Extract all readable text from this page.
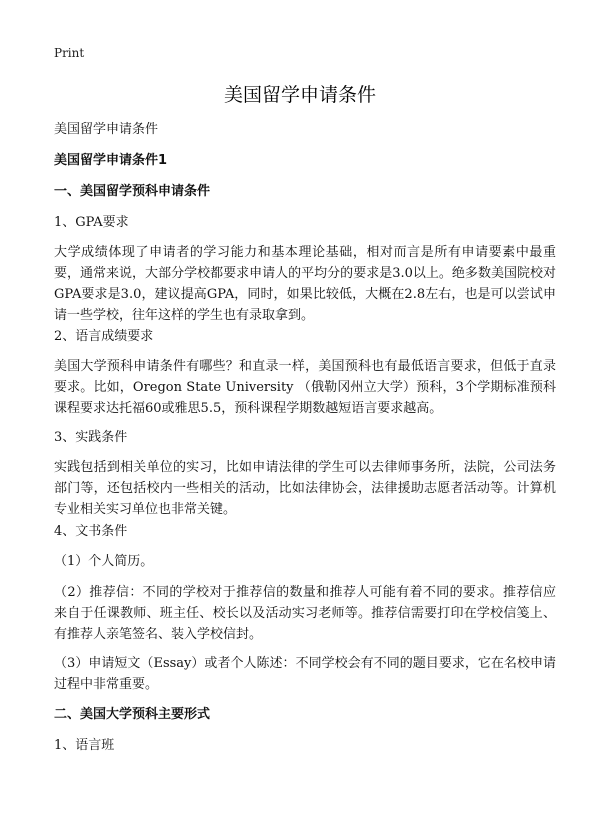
Print
美国留学申请条件
美国留学申请条件
美国留学申请条件1
一、美国留学预科申请条件
1、GPA要求
大学成绩体现了申请者的学习能力和基本理论基础，相对而言是所有申请要素中最重要，通常来说，大部分学校都要求申请人的平均分的要求是3.0以上。绝多数美国院校对GPA要求是3.0，建议提高GPA，同时，如果比较低，大概在2.8左右，也是可以尝试申请一些学校，往年这样的学生也有录取拿到。
2、语言成绩要求
美国大学预科申请条件有哪些？和直录一样，美国预科也有最低语言要求，但低于直录要求。比如，Oregon State University （俄勒冈州立大学）预科，3个学期标准预科课程要求达托福60或雅思5.5，预科课程学期数越短语言要求越高。
3、实践条件
实践包括到相关单位的实习，比如申请法律的学生可以去律师事务所，法院，公司法务部门等，还包括校内一些相关的活动，比如法律协会，法律援助志愿者活动等。计算机专业相关实习单位也非常关键。
4、文书条件
（1）个人简历。
（2）推荐信：不同的学校对于推荐信的数量和推荐人可能有着不同的要求。推荐信应来自于任课教师、班主任、校长以及活动实习老师等。推荐信需要打印在学校信笺上、有推荐人亲笔签名、装入学校信封。
（3）申请短文（Essay）或者个人陈述：不同学校会有不同的题目要求，它在名校申请过程中非常重要。
二、美国大学预科主要形式
1、语言班
